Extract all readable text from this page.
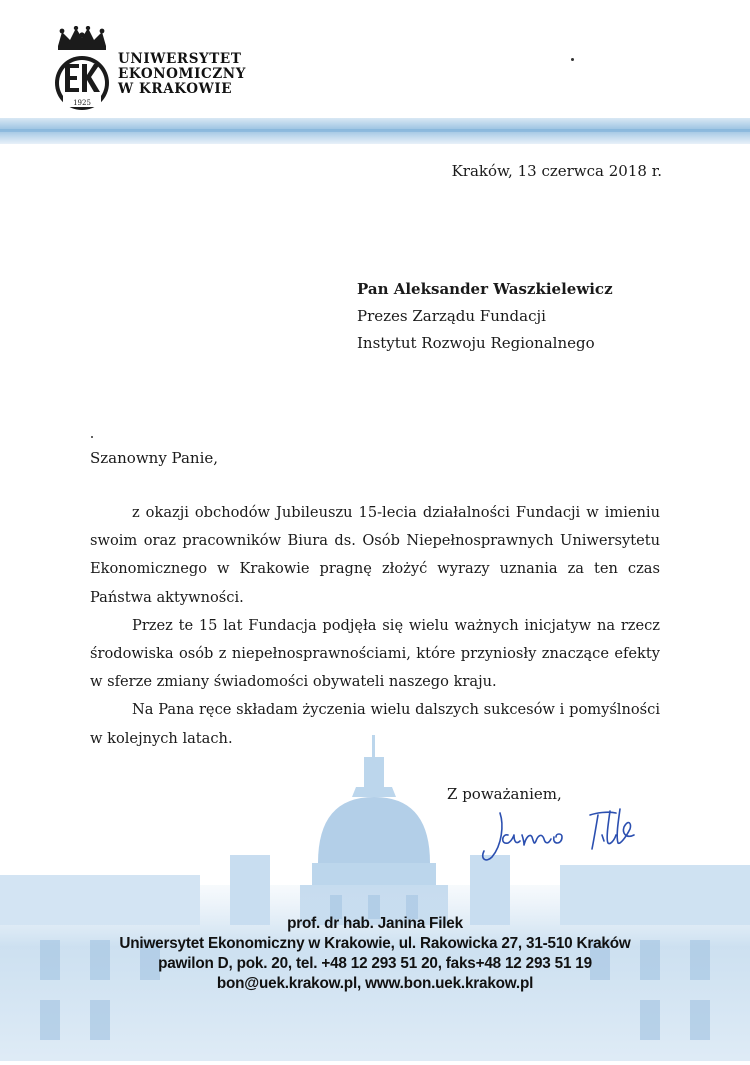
1925
UNIWERSYTET
EKONOMICZNY
W KRAKOWIE
Kraków, 13 czerwca 2018 r.
Pan Aleksander Waszkielewicz
Prezes Zarządu Fundacji
Instytut Rozwoju Regionalnego
Szanowny Panie,

z okazji obchodów Jubileuszu 15-lecia działalności Fundacji w imieniu swoim oraz pracowników Biura ds. Osób Niepełnosprawnych Uniwersytetu Ekonomicznego w Krakowie pragnę złożyć wyrazy uznania za ten czas Państwa aktywności.

Przez te 15 lat Fundacja podjęła się wielu ważnych inicjatyw na rzecz środowiska osób z niepełnosprawnościami, które przyniosły znaczące efekty w sferze zmiany świadomości obywateli naszego kraju.

Na Pana ręce składam życzenia wielu dalszych sukcesów i pomyślności w kolejnych latach.

Z poważaniem,
prof. dr hab. Janina Filek
Uniwersytet Ekonomiczny w Krakowie, ul. Rakowicka 27, 31-510 Kraków
pawilon D, pok. 20, tel. +48 12 293 51 20, faks+48 12 293 51 19
bon@uek.krakow.pl, www.bon.uek.krakow.pl
